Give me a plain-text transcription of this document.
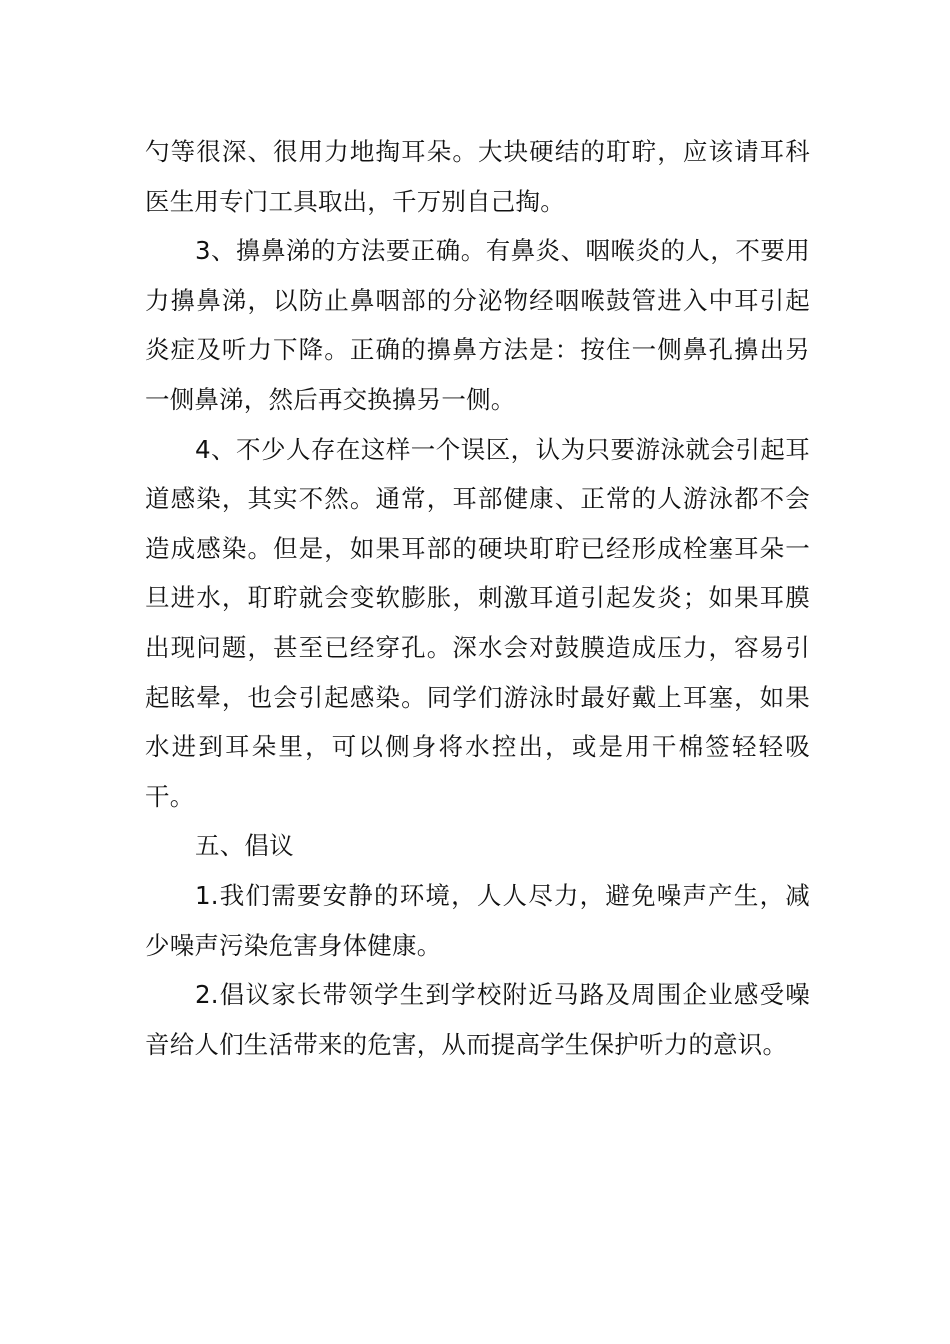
勺等很深、很用力地掏耳朵。大块硬结的耵聍，应该请耳科医生用专门工具取出，千万别自己掏。

3、擤鼻涕的方法要正确。有鼻炎、咽喉炎的人，不要用力擤鼻涕，以防止鼻咽部的分泌物经咽喉鼓管进入中耳引起炎症及听力下降。正确的擤鼻方法是：按住一侧鼻孔擤出另一侧鼻涕，然后再交换擤另一侧。

4、不少人存在这样一个误区，认为只要游泳就会引起耳道感染，其实不然。通常，耳部健康、正常的人游泳都不会造成感染。但是，如果耳部的硬块耵聍已经形成栓塞耳朵一旦进水，耵聍就会变软膨胀，刺激耳道引起发炎；如果耳膜出现问题，甚至已经穿孔。深水会对鼓膜造成压力，容易引起眩晕，也会引起感染。同学们游泳时最好戴上耳塞，如果水进到耳朵里，可以侧身将水控出，或是用干棉签轻轻吸干。

五、倡议

1.我们需要安静的环境，人人尽力，避免噪声产生，减少噪声污染危害身体健康。

2.倡议家长带领学生到学校附近马路及周围企业感受噪音给人们生活带来的危害，从而提高学生保护听力的意识。
